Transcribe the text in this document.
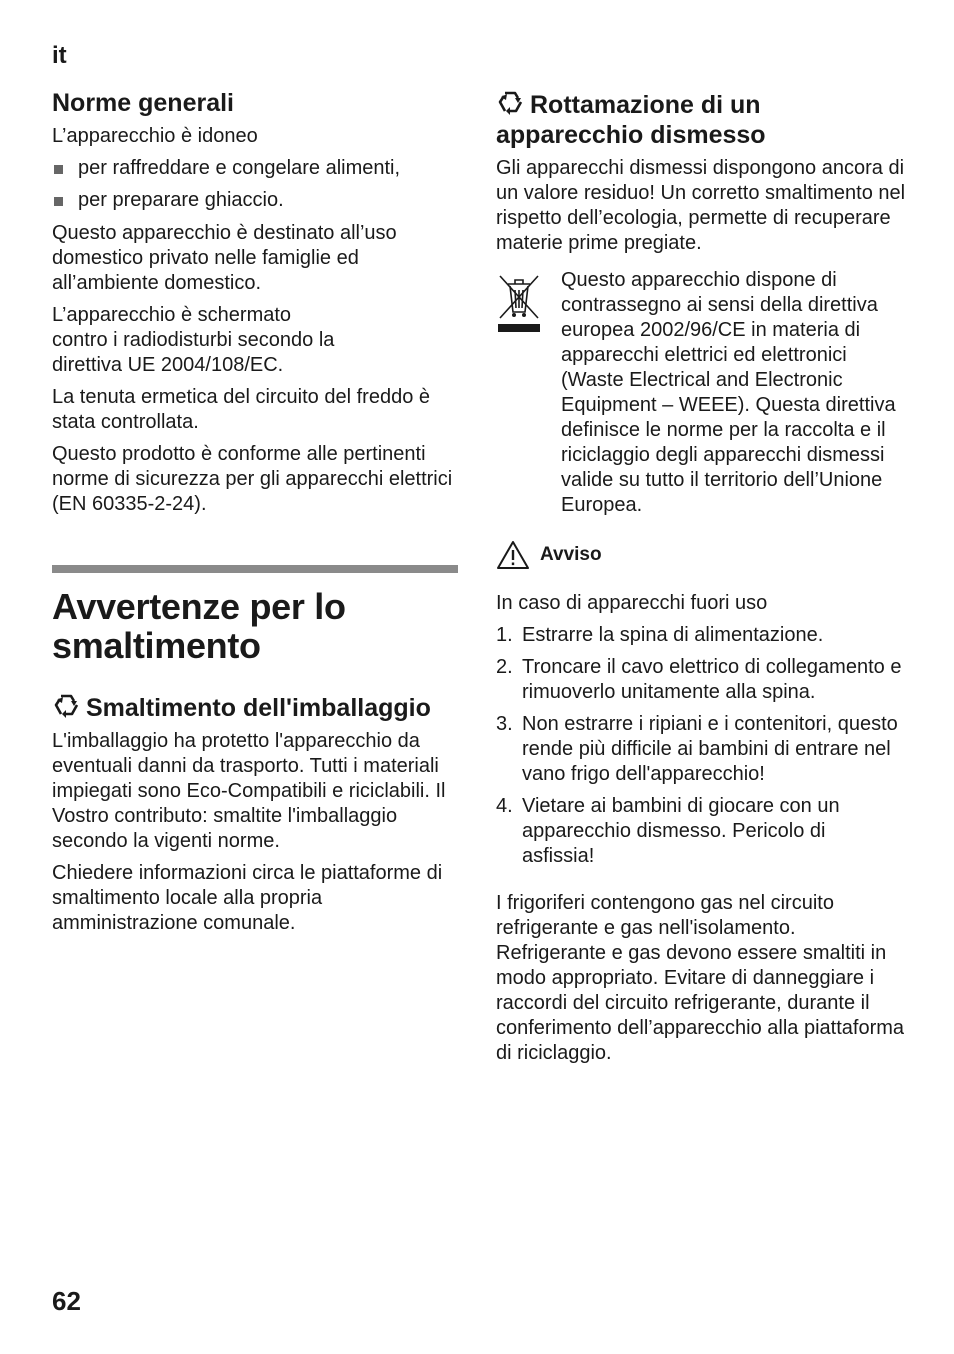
it
Norme generali

L’apparecchio è idoneo

per raffreddare e congelare alimenti,
per preparare ghiaccio.

Questo apparecchio è destinato all’uso domestico privato nelle famiglie ed all’ambiente domestico.

L’apparecchio è schermato contro i radiodisturbi secondo la direttiva UE 2004/108/EC.

La tenuta ermetica del circuito del freddo è stata controllata.

Questo prodotto è conforme alle pertinenti norme di sicurezza per gli apparecchi elettrici (EN 60335-2-24).

Avvertenze per lo smaltimento
Smaltimento dell'imballaggio

L'imballaggio ha protetto l'apparecchio da eventuali danni da trasporto. Tutti i materiali impiegati sono Eco-Compatibili e riciclabili. Il Vostro contributo: smaltite l'imballaggio secondo la vigenti norme.

Chiedere informazioni circa le piattaforme di smaltimento locale alla propria amministrazione comunale.

Rottamazione di un apparecchio dismesso

Gli apparecchi dismessi dispongono ancora di un valore residuo! Un corretto smaltimento nel rispetto dell’ecologia, permette di recuperare materie prime pregiate.

Questo apparecchio dispone di contrassegno ai sensi della direttiva europea 2002/96/CE in materia di apparecchi elettrici ed elettronici (Waste Electrical and Electronic Equipment – WEEE). Questa direttiva definisce le norme per la raccolta e il riciclaggio degli apparecchi dismessi valide su tutto il territorio dell’Unione Europea.

Avviso

In caso di apparecchi fuori uso

1. Estrarre la spina di alimentazione.
2. Troncare il cavo elettrico di collegamento e rimuoverlo unitamente alla spina.
3. Non estrarre i ripiani e i contenitori, questo rende più difficile ai bambini di entrare nel vano frigo dell'apparecchio!
4. Vietare ai bambini di giocare con un apparecchio dismesso. Pericolo di asfissia!

I frigoriferi contengono gas nel circuito refrigerante e gas nell'isolamento. Refrigerante e gas devono essere smaltiti in modo appropriato. Evitare di danneggiare i raccordi del circuito refrigerante, durante il conferimento dell’apparecchio alla piattaforma di riciclaggio.

62
